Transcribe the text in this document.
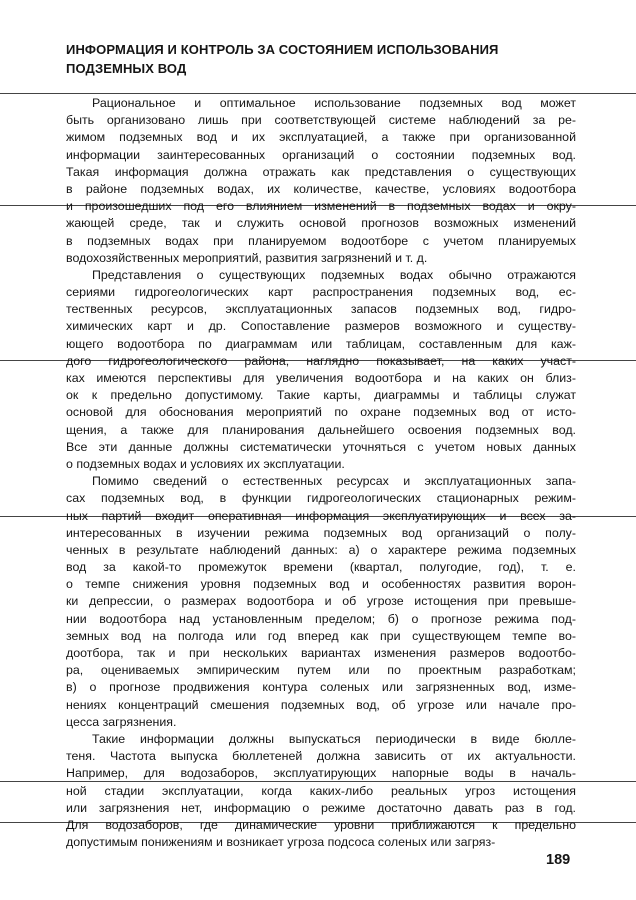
ИНФОРМАЦИЯ И КОНТРОЛЬ ЗА СОСТОЯНИЕМ ИСПОЛЬЗОВАНИЯ
ПОДЗЕМНЫХ ВОД
Рациональное и оптимальное использование подземных вод может
быть организовано лишь при соответствующей системе наблюдений за ре-
жимом подземных вод и их эксплуатацией, а также при организованной
информации заинтересованных организаций о состоянии подземных вод.
Такая информация должна отражать как представления о существующих
в районе подземных водах, их количестве, качестве, условиях водоотбора
и произошедших под его влиянием изменений в подземных водах и окру-
жающей среде, так и служить основой прогнозов возможных изменений
в подземных водах при планируемом водоотборе с учетом планируемых
водохозяйственных мероприятий, развития загрязнений и т. д.
Представления о существующих подземных водах обычно отражаются
сериями гидрогеологических карт распространения подземных вод, ес-
тественных ресурсов, эксплуатационных запасов подземных вод, гидро-
химических карт и др. Сопоставление размеров возможного и существу-
ющего водоотбора по диаграммам или таблицам, составленным для каж-
дого гидрогеологического района, наглядно показывает, на каких участ-
ках имеются перспективы для увеличения водоотбора и на каких он близ-
ок к предельно допустимому. Такие карты, диаграммы и таблицы служат
основой для обоснования мероприятий по охране подземных вод от исто-
щения, а также для планирования дальнейшего освоения подземных вод.
Все эти данные должны систематически уточняться с учетом новых данных
о подземных водах и условиях их эксплуатации.
Помимо сведений о естественных ресурсах и эксплуатационных запа-
сах подземных вод, в функции гидрогеологических стационарных режим-
ных партий входит оперативная информация эксплуатирующих и всех за-
интересованных в изучении режима подземных вод организаций о полу-
ченных в результате наблюдений данных: а) о характере режима подземных
вод за какой-то промежуток времени (квартал, полугодие, год), т. е.
о темпе снижения уровня подземных вод и особенностях развития ворон-
ки депрессии, о размерах водоотбора и об угрозе истощения при превыше-
нии водоотбора над установленным пределом; б) о прогнозе режима под-
земных вод на полгода или год вперед как при существующем темпе во-
доотбора, так и при нескольких вариантах изменения размеров водоотбо-
ра, оцениваемых эмпирическим путем или по проектным разработкам;
в) о прогнозе продвижения контура соленых или загрязненных вод, изме-
нениях концентраций смешения подземных вод, об угрозе или начале про-
цесса загрязнения.
Такие информации должны выпускаться периодически в виде бюлле-
теня. Частота выпуска бюллетеней должна зависить от их актуальности.
Например, для водозаборов, эксплуатирующих напорные воды в началь-
ной стадии эксплуатации, когда каких-либо реальных угроз истощения
или загрязнения нет, информацию о режиме достаточно давать раз в год.
Для водозаборов, где динамические уровни приближаются к предельно
допустимым понижениям и возникает угроза подсоса соленых или загряз-
189
